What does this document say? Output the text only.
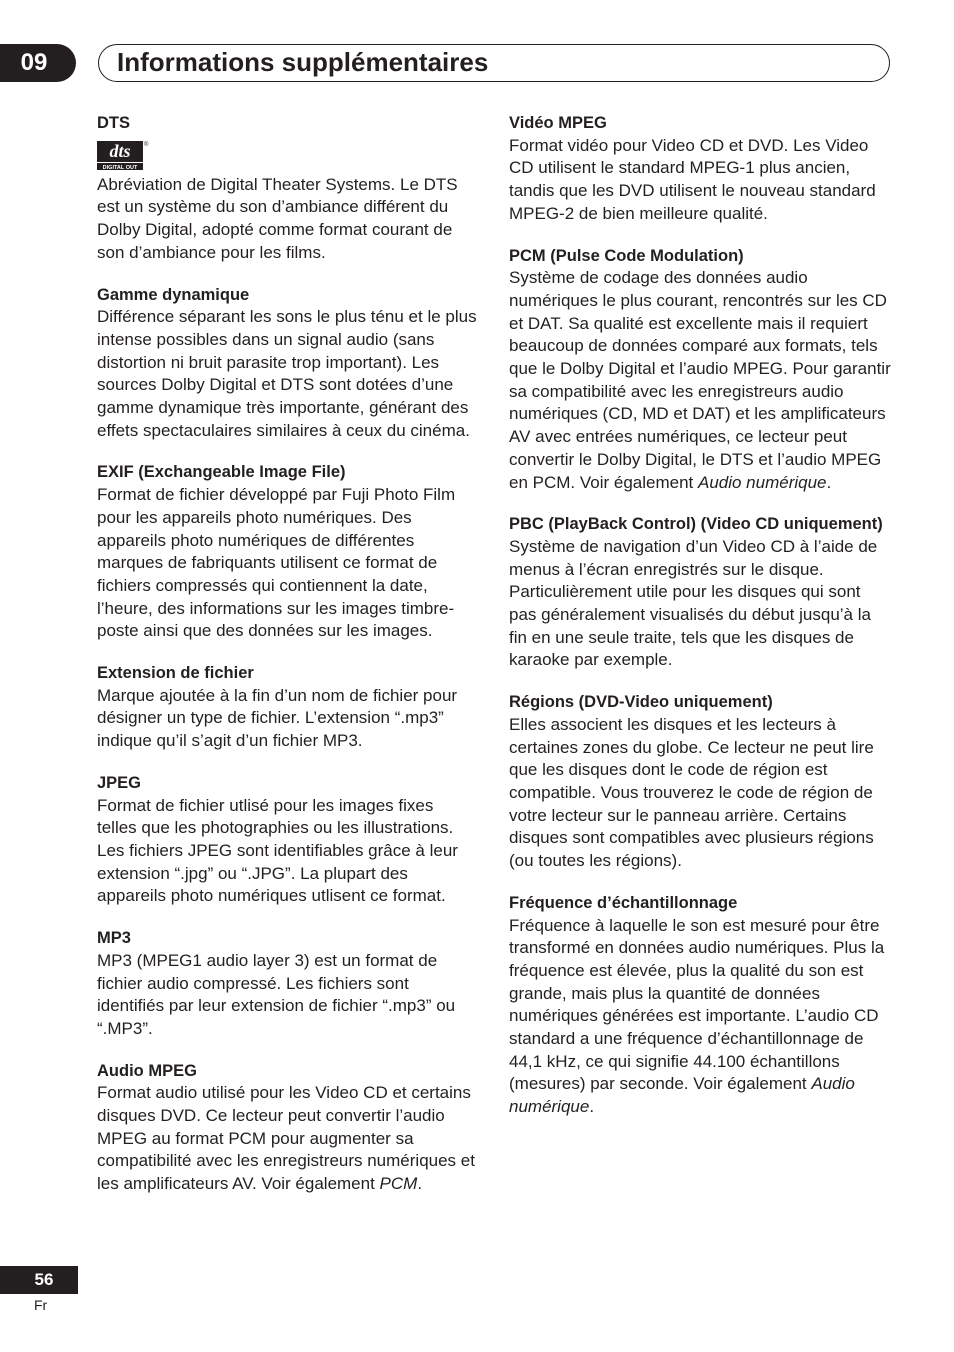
09	Informations supplémentaires

DTS

dts ®
DIGITAL OUT

Abréviation de Digital Theater Systems. Le DTS est un système du son d’ambiance différent du Dolby Digital, adopté comme format courant de son d’ambiance pour les films.

Gamme dynamique

Différence séparant les sons le plus ténu et le plus intense possibles dans un signal audio (sans distortion ni bruit parasite trop important). Les sources Dolby Digital et DTS sont dotées d’une gamme dynamique très importante, générant des effets spectaculaires similaires à ceux du cinéma.

EXIF (Exchangeable Image File)

Format de fichier développé par Fuji Photo Film pour les appareils photo numériques. Des appareils photo numériques de différentes marques de fabriquants utilisent ce format de fichiers compressés qui contiennent la date, l’heure, des informations sur les images timbre-poste ainsi que des données sur les images.

Extension de fichier

Marque ajoutée à la fin d’un nom de fichier pour désigner un type de fichier. L’extension “.mp3” indique qu’il s’agit d’un fichier MP3.

JPEG

Format de fichier utlisé pour les images fixes telles que les photographies ou les illustrations. Les fichiers JPEG sont identifiables grâce à leur extension “.jpg” ou “.JPG”. La plupart des appareils photo numériques utlisent ce format.

MP3

MP3 (MPEG1 audio layer 3) est un format de fichier audio compressé. Les fichiers sont identifiés par leur extension de fichier “.mp3” ou “.MP3”.

Audio MPEG

Format audio utilisé pour les Video CD et certains disques DVD. Ce lecteur peut convertir l’audio MPEG au format PCM pour augmenter sa compatibilité avec les enregistreurs numériques et les amplificateurs AV. Voir également PCM.

Vidéo MPEG

Format vidéo pour Video CD et DVD. Les Video CD utilisent le standard MPEG-1 plus ancien, tandis que les DVD utilisent le nouveau standard MPEG-2 de bien meilleure qualité.

PCM (Pulse Code Modulation)

Système de codage des données audio numériques le plus courant, rencontrés sur les CD et DAT. Sa qualité est excellente mais il requiert beaucoup de données comparé aux formats, tels que le Dolby Digital et l’audio MPEG. Pour garantir sa compatibilité avec les enregistreurs audio numériques (CD, MD et DAT) et les amplificateurs AV avec entrées numériques, ce lecteur peut convertir le Dolby Digital, le DTS et l’audio MPEG en PCM. Voir également Audio numérique.

PBC (PlayBack Control) (Video CD uniquement)

Système de navigation d’un Video CD à l’aide de menus à l’écran enregistrés sur le disque. Particulièrement utile pour les disques qui sont pas généralement visualisés du début jusqu’à la fin en une seule traite, tels que les disques de karaoke par exemple.

Régions (DVD-Video uniquement)

Elles associent les disques et les lecteurs à certaines zones du globe. Ce lecteur ne peut lire que les disques dont le code de région est compatible. Vous trouverez le code de région de votre lecteur sur le panneau arrière. Certains disques sont compatibles avec plusieurs régions (ou toutes les régions).

Fréquence d’échantillonnage

Fréquence à laquelle le son est mesuré pour être transformé en données audio numériques. Plus la fréquence est élevée, plus la qualité du son est grande, mais plus la quantité de données numériques générées est importante. L’audio CD standard a une fréquence d’échantillonnage de 44,1 kHz, ce qui signifie 44.100 échantillons (mesures) par seconde. Voir également Audio numérique.

56
Fr
